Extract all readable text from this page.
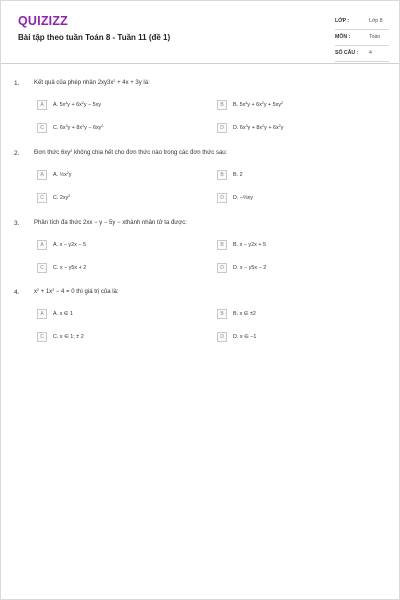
QUIZIZZ
Bài tập theo tuần Toán 8 - Tuần 11 (đề 1)
LỚP :	Lớp 8
MÔN :	Toán
SỐ CÂU : 4
1. Kết quả của phép nhân $2xy3x^2 + 4x + 3y$ là:
A	A. $5x^4y + 6x^2y - 5xy$	B	B. $5x^4y + 6x^2y + 5xy^2$
C	C. $6x^3y + 8x^2y - 6xy^2$	D	D. $6x^3y + 8x^2y + 6x^2y$
2. Đơn thức $6xy^2$ không chia hết cho đơn thức nào trong các đơn thức sau:
A	A. $\frac{1}{2}x^2y$	B	B. 2
C	C. $2xy^2$	D	D. −⅔xy
3. Phân tích đa thức 2xx − y − 5y − xthành nhân tử ta được:
A	A. x − y2x − 5	B	B. x − y2x + 5
C	C. x − y5x + 2	D	D. x − y5x − 2
4. $x^2 + 1x^2 - 4 = 0$ thì giá trị của là:
A	A. x ∈ 1	B	B. x ∈ ±2
C	C. x ∈ 1; ± 2	D	D. x ∈ −1
